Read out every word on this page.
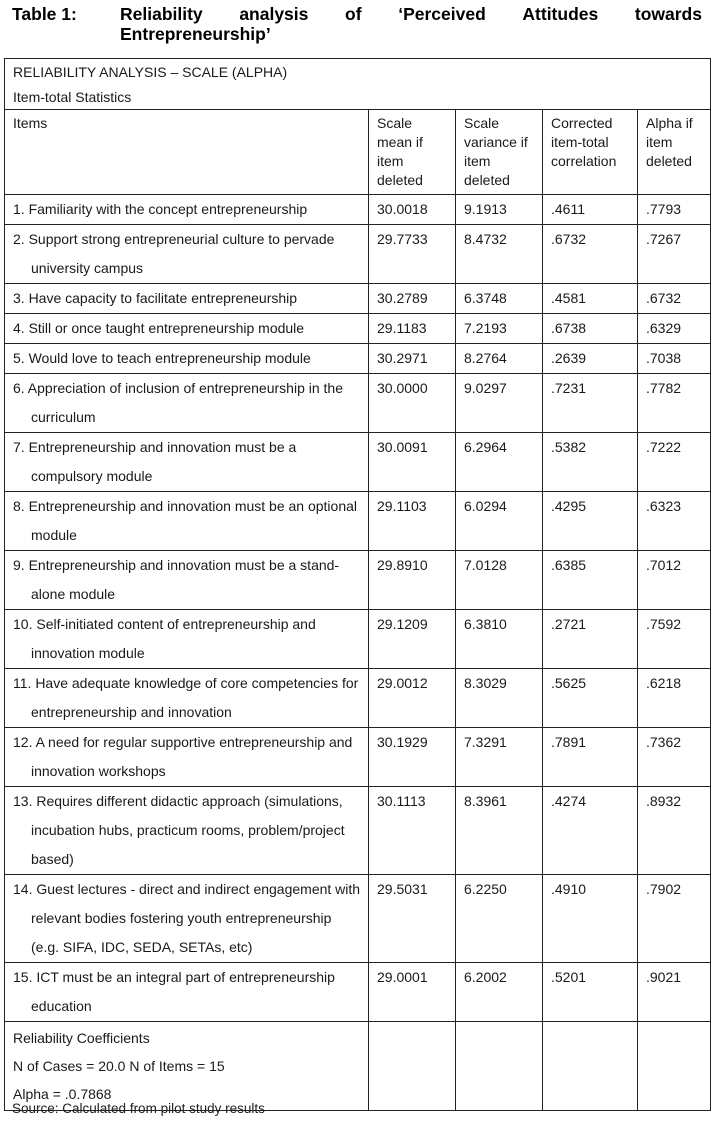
Table 1:	Reliability analysis of ‘Perceived Attitudes towards
Entrepreneurship’
RELIABILITY ANALYSIS – SCALE (ALPHA)
Item-total Statistics				

Items	Scale mean if item deleted	Scale variance if item deleted	Corrected item-total correlation	Alpha if item deleted

1. Familiarity with the concept entrepreneurship	30.0018	9.1913	.4611	.7793

2. Support strong entrepreneurial culture to pervade university campus	29.7733	8.4732	.6732	.7267

3. Have capacity to facilitate entrepreneurship	30.2789	6.3748	.4581	.6732

4. Still or once taught entrepreneurship module	29.1183	7.2193	.6738	.6329

5. Would love to teach entrepreneurship module	30.2971	8.2764	.2639	.7038

6. Appreciation of inclusion of entrepreneurship in the curriculum	30.0000	9.0297	.7231	.7782

7. Entrepreneurship and innovation must be a compulsory module	30.0091	6.2964	.5382	.7222

8. Entrepreneurship and innovation must be an optional module	29.1103	6.0294	.4295	.6323

9. Entrepreneurship and innovation must be a stand-alone module	29.8910	7.0128	.6385	.7012

10. Self-initiated content of entrepreneurship and innovation module	29.1209	6.3810	.2721	.7592

11. Have adequate knowledge of core competencies for entrepreneurship and innovation	29.0012	8.3029	.5625	.6218

12. A need for regular supportive entrepreneurship and innovation workshops	30.1929	7.3291	.7891	.7362

13. Requires different didactic approach (simulations, incubation hubs, practicum rooms, problem/project based)	30.1113	8.3961	.4274	.8932

14. Guest lectures - direct and indirect engagement with relevant bodies fostering youth entrepreneurship (e.g. SIFA, IDC, SEDA, SETAs, etc)	29.5031	6.2250	.4910	.7902

15. ICT must be an integral part of entrepreneurship education	29.0001	6.2002	.5201	.9021

Reliability Coefficients
N of Cases = 20.0 N of Items = 15
Alpha = .0.7868				

Source: Calculated from pilot study results
